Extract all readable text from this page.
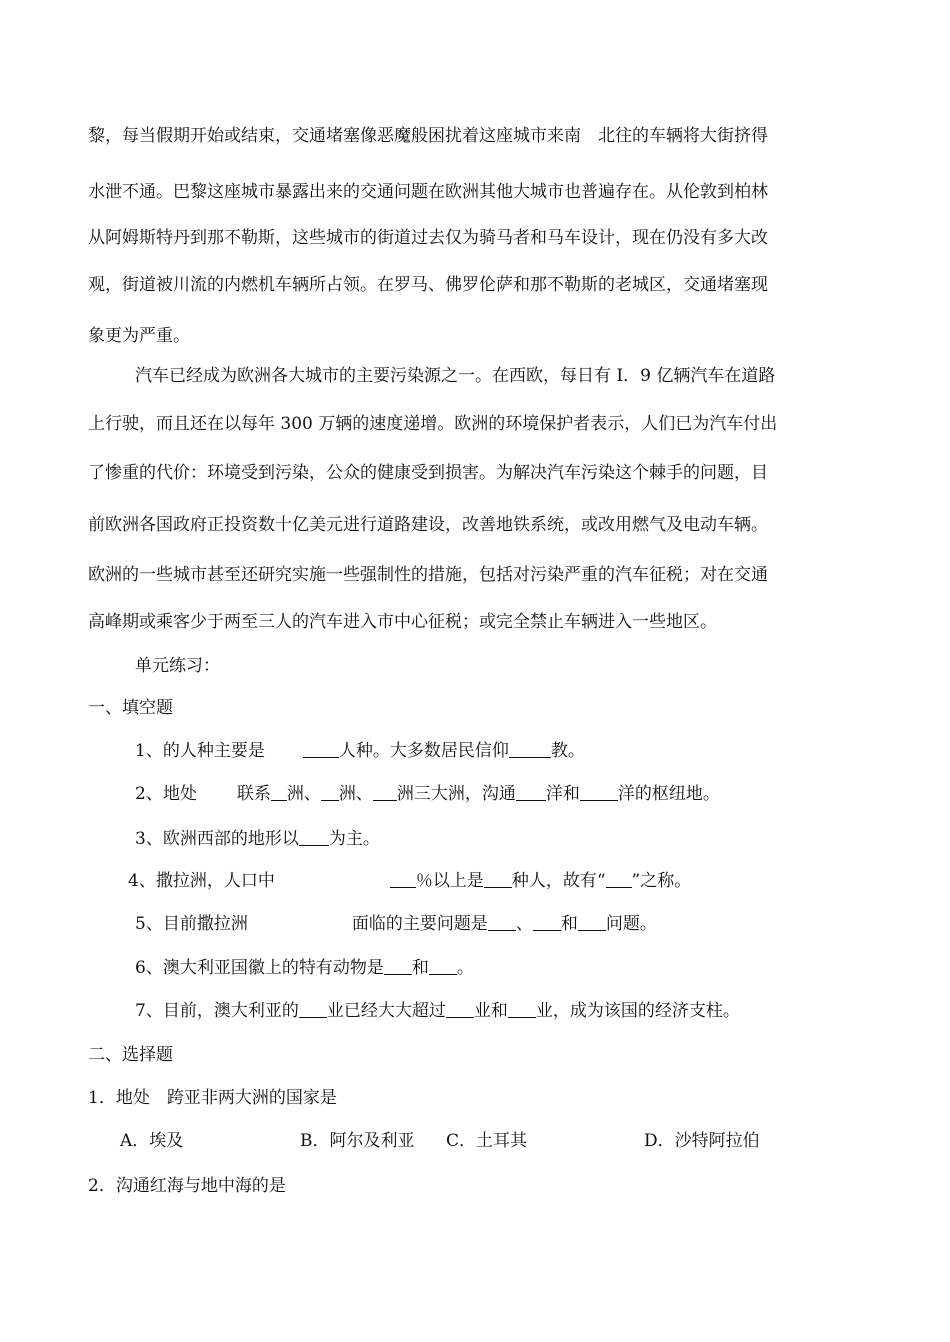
黎，每当假期开始或结束，交通堵塞像恶魔般困扰着这座城市来南　北往的车辆将大街挤得
水泄不通。巴黎这座城市暴露出来的交通问题在欧洲其他大城市也普遍存在。从伦敦到柏林
从阿姆斯特丹到那不勒斯，这些城市的街道过去仅为骑马者和马车设计，现在仍没有多大改
观，街道被川流的内燃机车辆所占领。在罗马、佛罗伦萨和那不勒斯的老城区，交通堵塞现
象更为严重。
汽车已经成为欧洲各大城市的主要污染源之一。在西欧，每日有 I．9 亿辆汽车在道路
上行驶，而且还在以每年 300 万辆的速度递增。欧洲的环境保护者表示，人们已为汽车付出
了惨重的代价：环境受到污染，公众的健康受到损害。为解决汽车污染这个棘手的问题，目
前欧洲各国政府正投资数十亿美元进行道路建设，改善地铁系统，或改用燃气及电动车辆。
欧洲的一些城市甚至还研究实施一些强制性的措施，包括对污染严重的汽车征税；对在交通
高峰期或乘客少于两至三人的汽车进入市中心征税；或完全禁止车辆进入一些地区。
单元练习：
一、填空题
1、的人种主要是	人种。大多数居民信仰 教。
2、地处 联系 洲、 洲、 洲三大洲，沟通 洋和 洋的枢纽地。
3、欧洲西部的地形以 为主。
4、撒拉洲，人口中	％以上是 种人，故有“ ”之称。
5、目前撒拉洲	面临的主要问题是 、 和 问题。
6、澳大利亚国徽上的特有动物是 和 。
7、目前，澳大利亚的 业已经大大超过 业和 业，成为该国的经济支柱。
二、选择题
1．地处　跨亚非两大洲的国家是
A．埃及	B．阿尔及利亚 C．土耳其	D．沙特阿拉伯
2．沟通红海与地中海的是
